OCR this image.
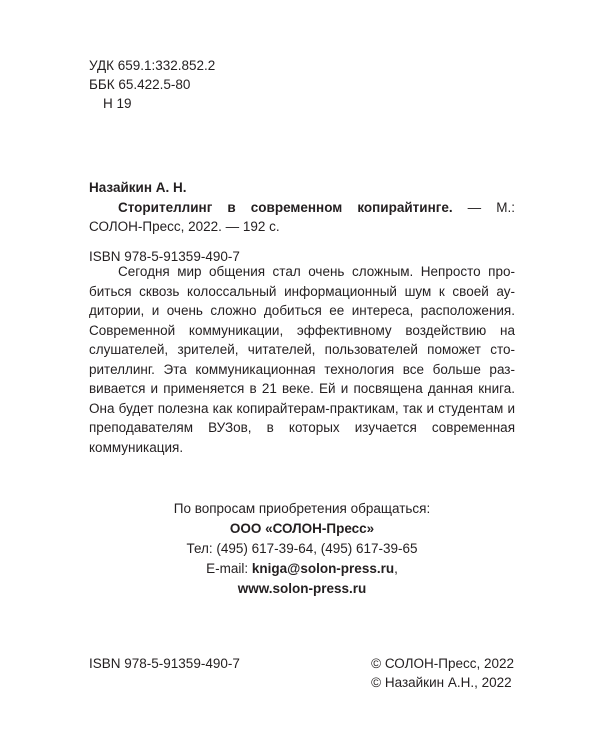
УДК 659.1:332.852.2
ББК 65.422.5-80
Н 19
Назайкин А. Н.
Сторителлинг в современном копирайтинге. — М.: СОЛОН-Пресс, 2022. — 192 с.
ISBN 978-5-91359-490-7
Сегодня мир общения стал очень сложным. Непросто пробиться сквозь колоссальный информационный шум к своей аудитории, и очень сложно добиться ее интереса, расположения. Современной коммуникации, эффективному воздействию на слушателей, зрителей, читателей, пользователей поможет сторителлинг. Эта коммуникационная технология все больше развивается и применяется в 21 веке. Ей и посвящена данная книга. Она будет полезна как копирайтерам-практикам, так и студентам и преподавателям ВУЗов, в которых изучается современная коммуникация.
По вопросам приобретения обращаться:
ООО «СОЛОН-Пресс»
Тел: (495) 617-39-64, (495) 617-39-65
E-mail: kniga@solon-press.ru,
www.solon-press.ru
ISBN 978-5-91359-490-7	© СОЛОН-Пресс, 2022
© Назайкин А.Н., 2022
